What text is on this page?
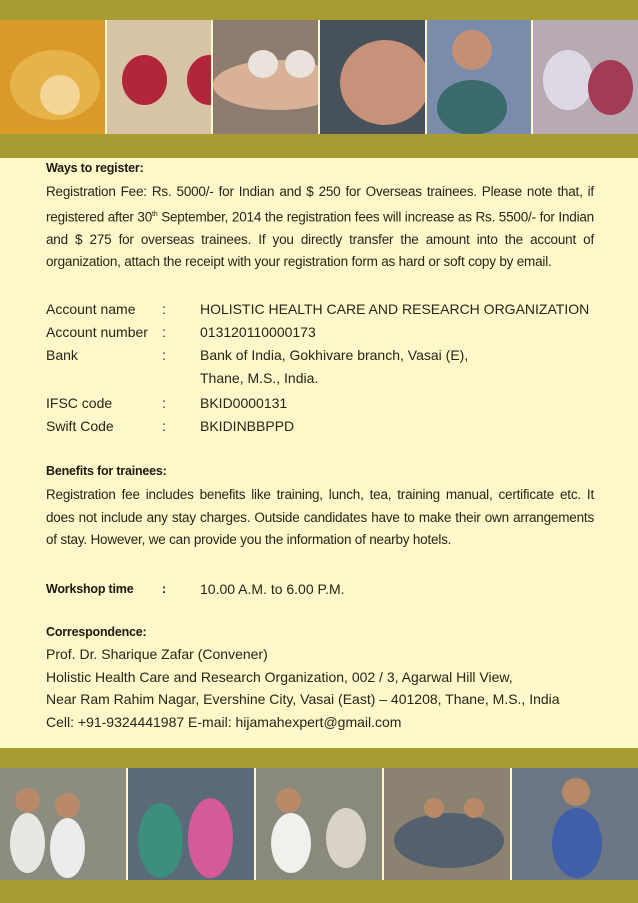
Ways to register:

Registration Fee: Rs. 5000/- for Indian and $ 250 for Overseas trainees. Please note that, if registered after 30th September, 2014 the registration fees will increase as Rs. 5500/- for Indian and $ 275 for overseas trainees. If you directly transfer the amount into the account of organization, attach the receipt with your registration form as hard or soft copy by email.

Account name	: HOLISTIC HEALTH CARE AND RESEARCH ORGANIZATION
Account number	: 013120110000173
Bank	: Bank of India, Gokhivare branch, Vasai (E),
Thane, M.S., India.
IFSC code	: BKID0000131
Swift Code	: BKIDINBBPPD

Benefits for trainees:

Registration fee includes benefits like training, lunch, tea, training manual, certificate etc. It does not include any stay charges. Outside candidates have to make their own arrangements of stay. However, we can provide you the information of nearby hotels.

Workshop time	: 10.00 A.M. to 6.00 P.M.

Correspondence:

Prof. Dr. Sharique Zafar (Convener)

Holistic Health Care and Research Organization, 002 / 3, Agarwal Hill View,

Near Ram Rahim Nagar, Evershine City, Vasai (East) – 401208, Thane, M.S., India

Cell: +91-9324441987 E-mail: hijamahexpert@gmail.com
